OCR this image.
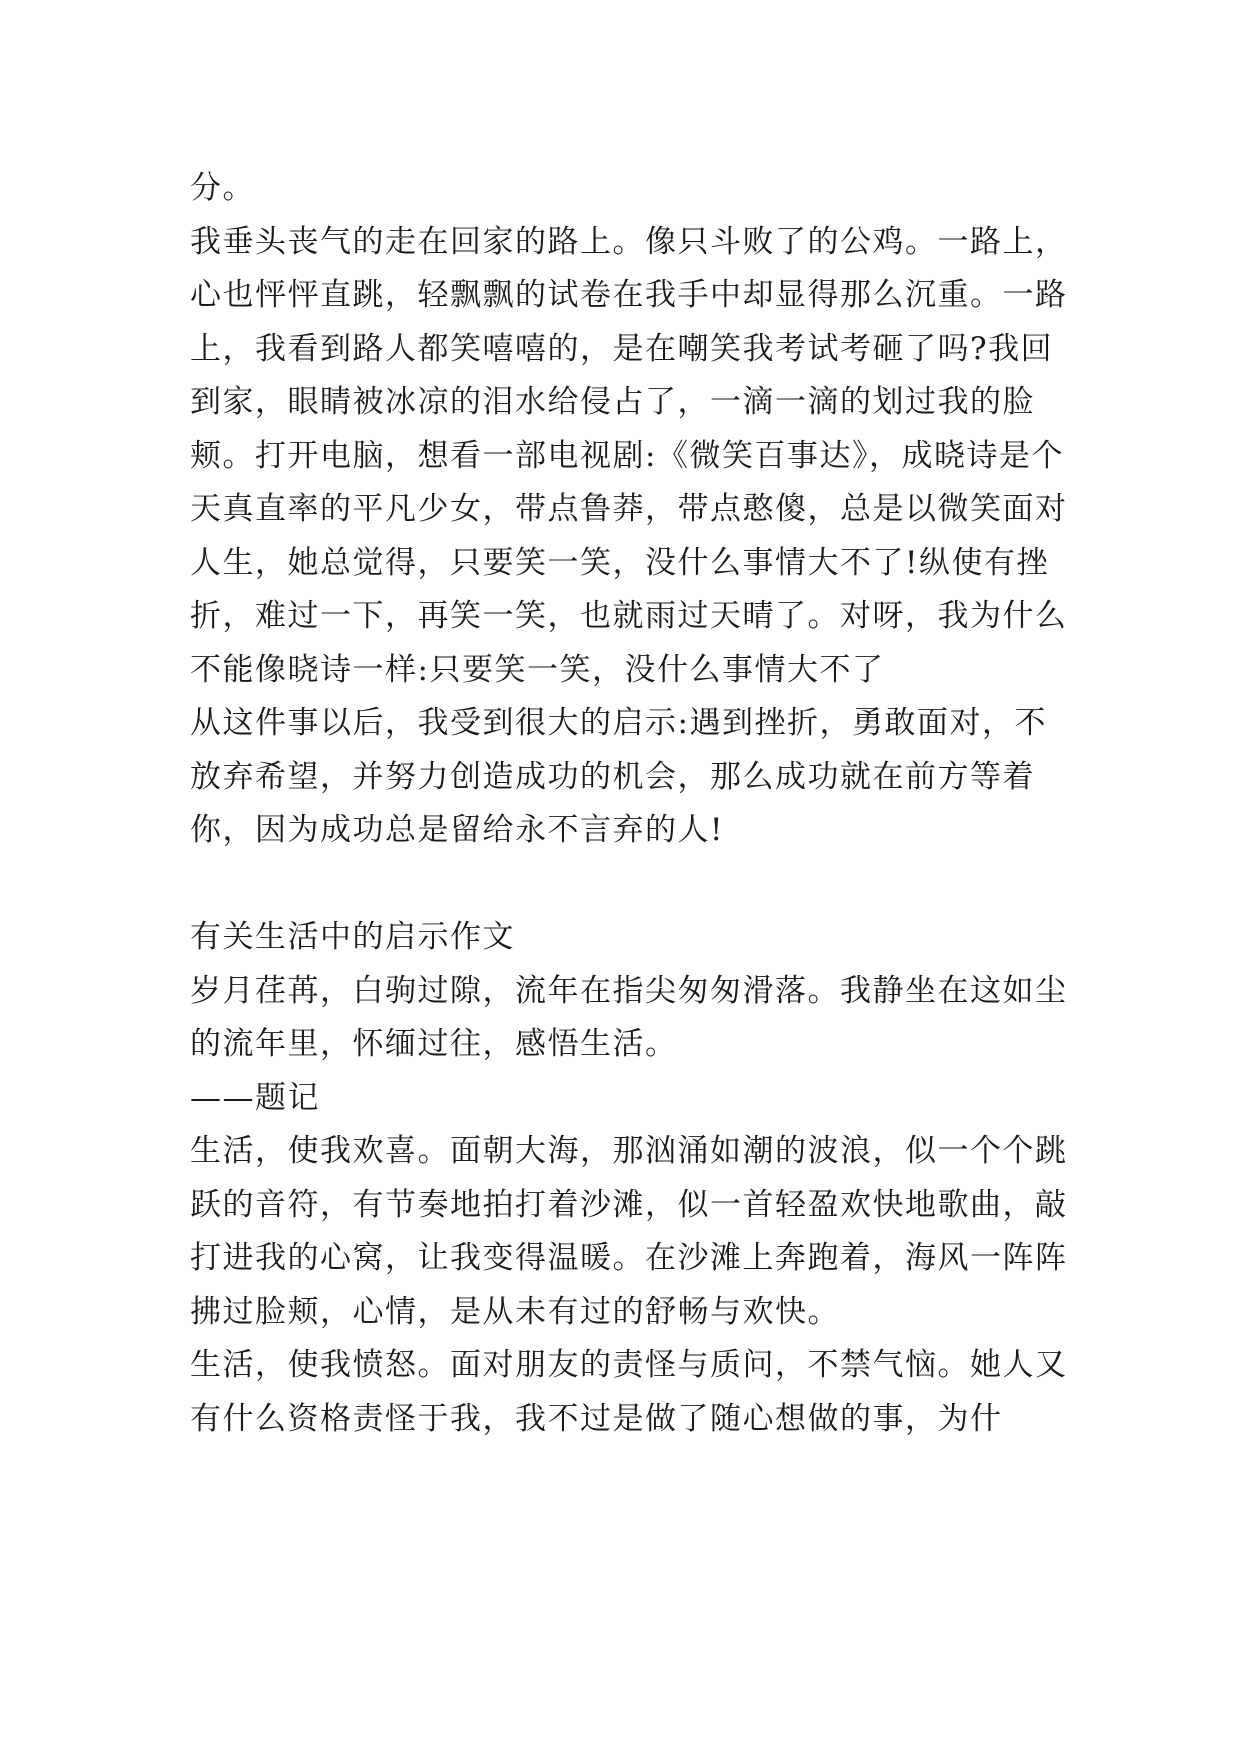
分。

我垂头丧气的走在回家的路上。像只斗败了的公鸡。一路上，心也怦怦直跳，轻飘飘的试卷在我手中却显得那么沉重。一路上，我看到路人都笑嘻嘻的，是在嘲笑我考试考砸了吗?我回到家，眼睛被冰凉的泪水给侵占了，一滴一滴的划过我的脸颊。打开电脑，想看一部电视剧:《微笑百事达》，成晓诗是个天真直率的平凡少女，带点鲁莽，带点憨傻，总是以微笑面对人生，她总觉得，只要笑一笑，没什么事情大不了!纵使有挫折，难过一下，再笑一笑，也就雨过天晴了。对呀，我为什么不能像晓诗一样:只要笑一笑，没什么事情大不了

从这件事以后，我受到很大的启示:遇到挫折，勇敢面对，不放弃希望，并努力创造成功的机会，那么成功就在前方等着你，因为成功总是留给永不言弃的人!

有关生活中的启示作文

岁月荏苒，白驹过隙，流年在指尖匆匆滑落。我静坐在这如尘的流年里，怀缅过往，感悟生活。

——题记

生活，使我欢喜。面朝大海，那汹涌如潮的波浪，似一个个跳跃的音符，有节奏地拍打着沙滩，似一首轻盈欢快地歌曲，敲打进我的心窝，让我变得温暖。在沙滩上奔跑着，海风一阵阵拂过脸颊，心情，是从未有过的舒畅与欢快。

生活，使我愤怒。面对朋友的责怪与质问，不禁气恼。她人又有什么资格责怪于我，我不过是做了随心想做的事，为什
